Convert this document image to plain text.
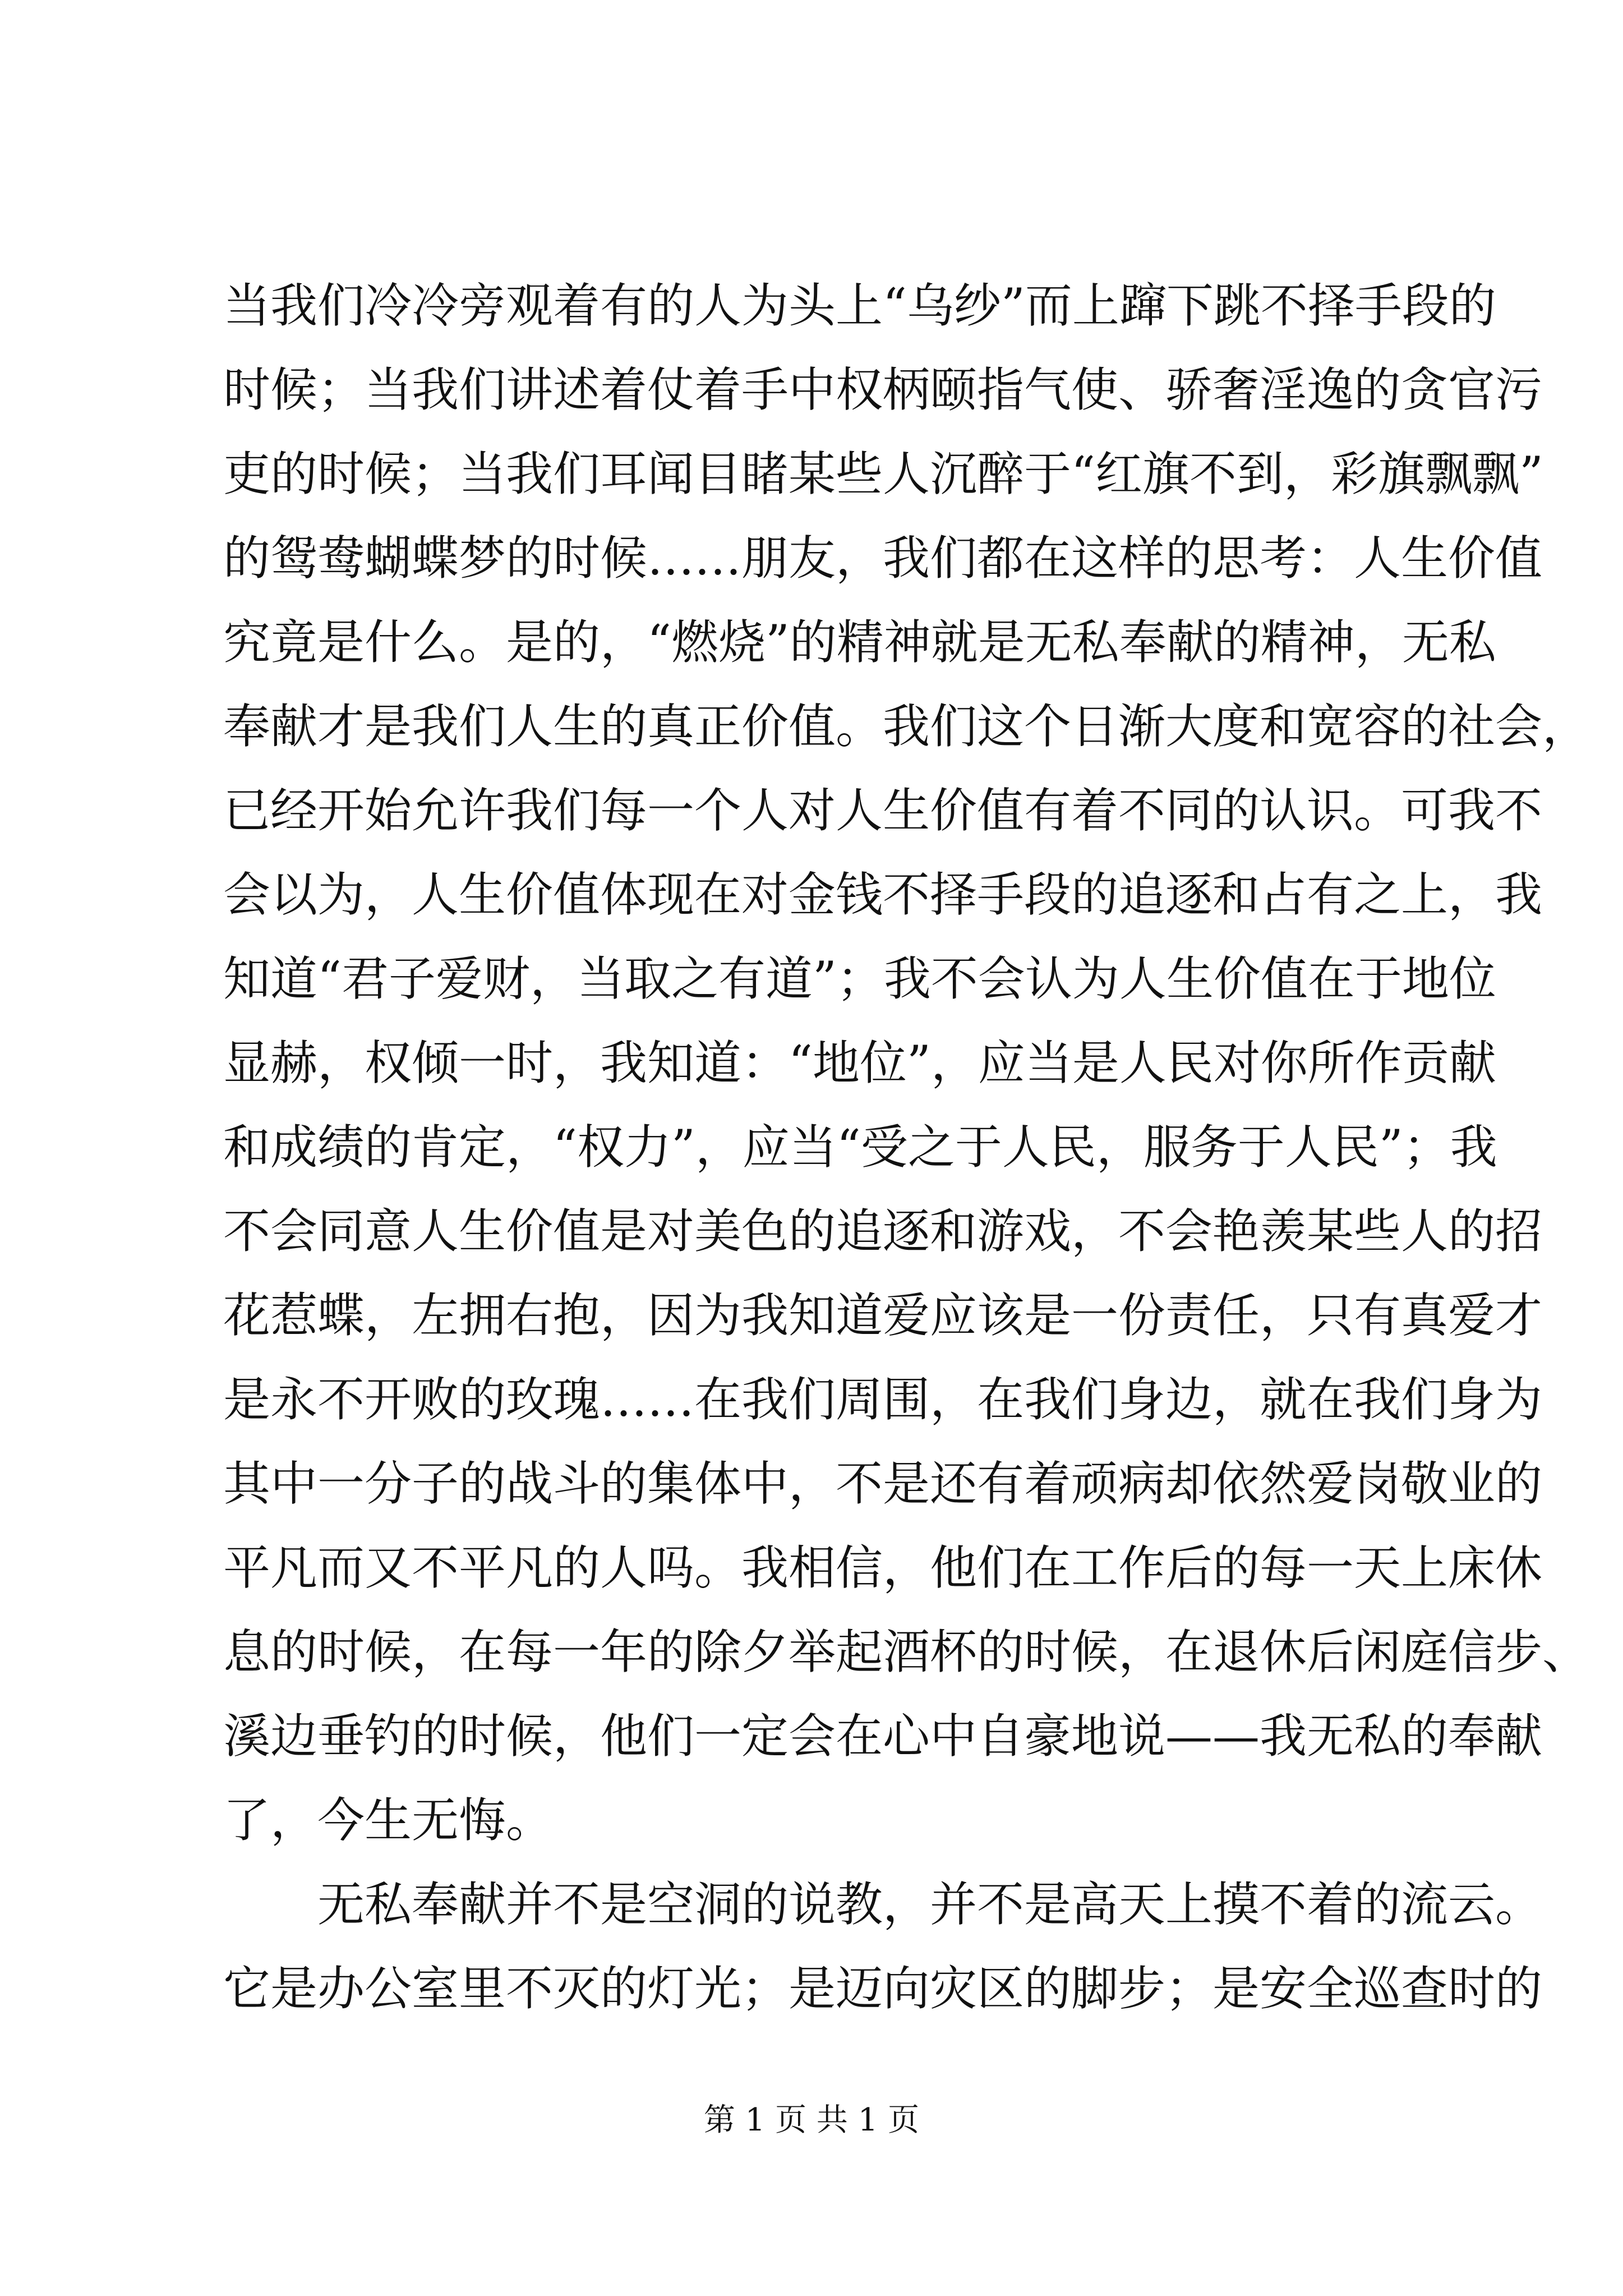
当我们冷冷旁观着有的人为头上“乌纱”而上蹿下跳不择手段的
时候；当我们讲述着仗着手中权柄颐指气使、骄奢淫逸的贪官污
吏的时候；当我们耳闻目睹某些人沉醉于“红旗不到，彩旗飘飘”
的鸳鸯蝴蝶梦的时候……朋友，我们都在这样的思考：人生价值
究竟是什么。是的，“燃烧”的精神就是无私奉献的精神，无私
奉献才是我们人生的真正价值。我们这个日渐大度和宽容的社会，
已经开始允许我们每一个人对人生价值有着不同的认识。可我不
会以为，人生价值体现在对金钱不择手段的追逐和占有之上，我
知道“君子爱财，当取之有道”；我不会认为人生价值在于地位
显赫，权倾一时，我知道：“地位”，应当是人民对你所作贡献
和成绩的肯定，“权力”，应当“受之于人民，服务于人民”；我
不会同意人生价值是对美色的追逐和游戏，不会艳羡某些人的招
花惹蝶，左拥右抱，因为我知道爱应该是一份责任，只有真爱才
是永不开败的玫瑰……在我们周围，在我们身边，就在我们身为
其中一分子的战斗的集体中，不是还有着顽病却依然爱岗敬业的
平凡而又不平凡的人吗。我相信，他们在工作后的每一天上床休
息的时候，在每一年的除夕举起酒杯的时候，在退休后闲庭信步、
溪边垂钓的时候，他们一定会在心中自豪地说——我无私的奉献
了，今生无悔。
无私奉献并不是空洞的说教，并不是高天上摸不着的流云。
它是办公室里不灭的灯光；是迈向灾区的脚步；是安全巡查时的
第 1 页 共 1 页
